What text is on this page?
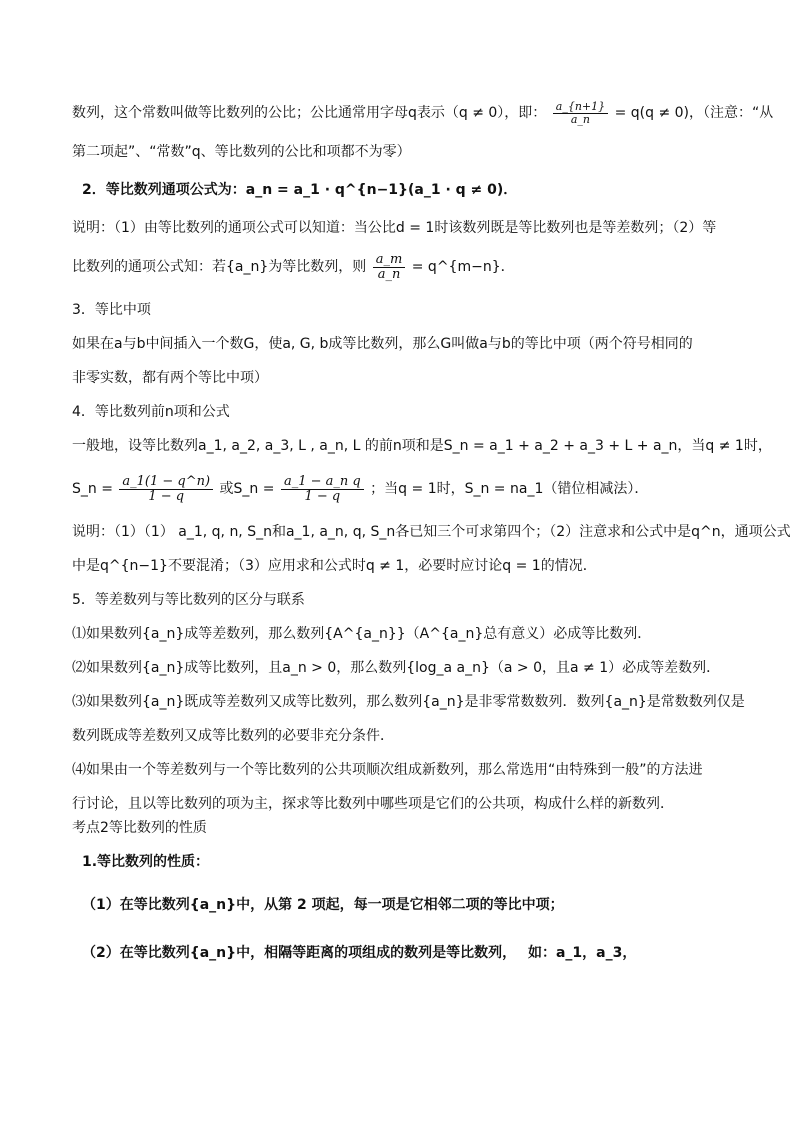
数列，这个常数叫做等比数列的公比；公比通常用字母q表示（q ≠ 0），即： $\frac{a\_\{n+1\}}{a\_n} = q(q \ne 0)$，（注意：“从
第二项起”、“常数”q、等比数列的公比和项都不为零）
2．等比数列通项公式为：a_n = a_1 · q^{n−1}(a_1 · q ≠ 0)．
说明：（1）由等比数列的通项公式可以知道：当公比d = 1时该数列既是等比数列也是等差数列；（2）等
比数列的通项公式知：若{a_n}为等比数列，则 $\frac{a\_m}{a\_n}$ = q^{m−n}．
3．等比中项
如果在a与b中间插入一个数G，使a, G, b成等比数列，那么G叫做a与b的等比中项（两个符号相同的
非零实数，都有两个等比中项）
4．等比数列前n项和公式
一般地，设等比数列a_1, a_2, a_3, L , a_n, L 的前n项和是S_n = a_1 + a_2 + a_3 + L + a_n，当q ≠ 1时，
S_n = $\frac{a\_1(1 - q\^{}n)}{1 - q}$ 或S_n = $\frac{\text{a\_1 − a\_n q}}{1 - q}$ ；当q = 1时，S_n = na_1（错位相减法）．
说明：（1）（1） a_1, q, n, S_n和a_1, a_n, q, S_n各已知三个可求第四个；（2）注意求和公式中是q^n，通项公式
中是q^{n−1}不要混淆；（3）应用求和公式时q ≠ 1，必要时应讨论q = 1的情况．
5．等差数列与等比数列的区分与联系
⑴如果数列{a_n}成等差数列，那么数列{A^{a_n}}（A^{a_n}总有意义）必成等比数列．
⑵如果数列{a_n}成等比数列，且a_n > 0，那么数列{log_a a_n}（a > 0，且a ≠ 1）必成等差数列．
⑶如果数列{a_n}既成等差数列又成等比数列，那么数列{a_n}是非零常数数列．数列{a_n}是常数数列仅是
数列既成等差数列又成等比数列的必要非充分条件．
⑷如果由一个等差数列与一个等比数列的公共项顺次组成新数列，那么常选用“由特殊到一般”的方法进
行讨论，且以等比数列的项为主，探求等比数列中哪些项是它们的公共项，构成什么样的新数列．
考点2等比数列的性质
1.等比数列的性质：
（1）在等比数列{a_n}中，从第 2 项起，每一项是它相邻二项的等比中项；
（2）在等比数列{a_n}中，相隔等距离的项组成的数列是等比数列，　 如：a_1，a_3，
